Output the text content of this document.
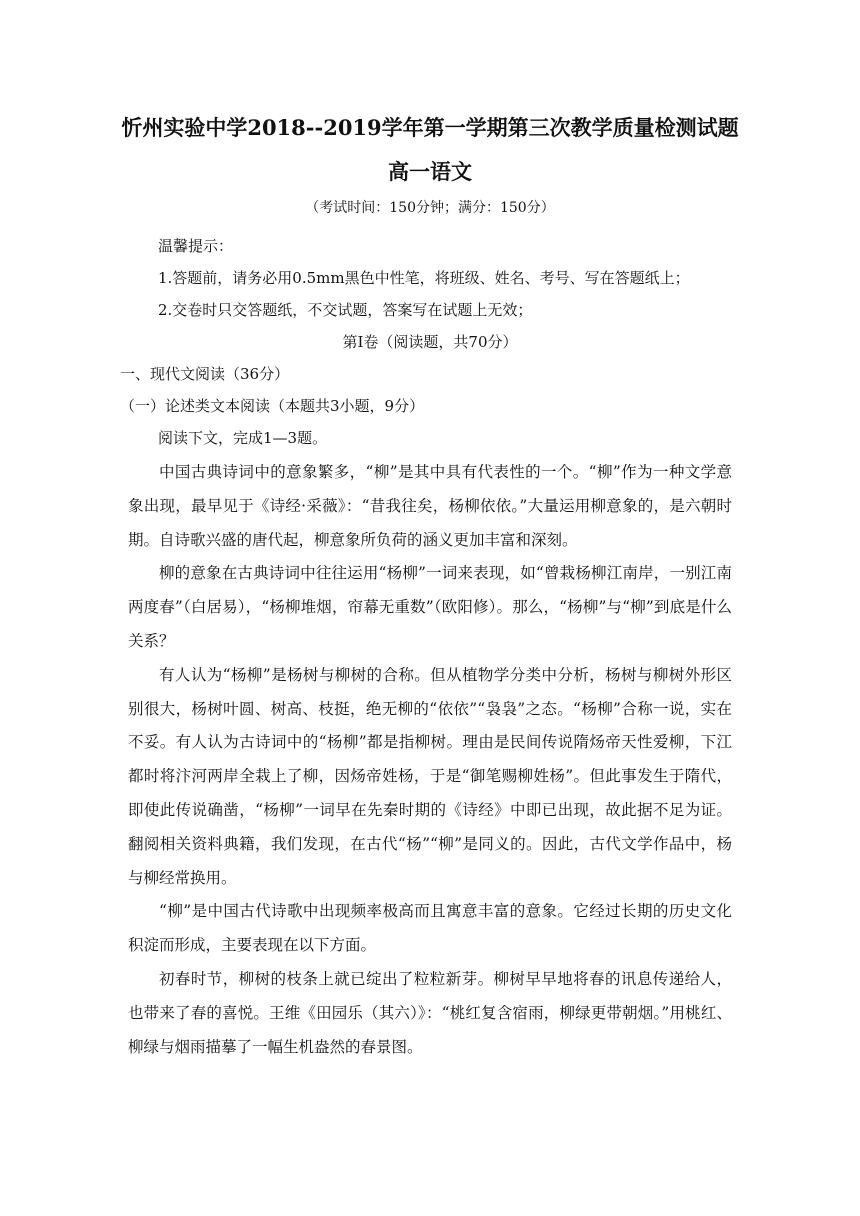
忻州实验中学2018--2019学年第一学期第三次教学质量检测试题
高一语文
（考试时间：150分钟；满分：150分）

温馨提示：

1.答题前，请务必用0.5mm黑色中性笔，将班级、姓名、考号、写在答题纸上；

2.交卷时只交答题纸，不交试题，答案写在试题上无效；

第Ⅰ卷（阅读题，共70分）

一、现代文阅读（36分）

（一）论述类文本阅读（本题共3小题，9分）

阅读下文，完成1—3题。

中国古典诗词中的意象繁多，“柳”是其中具有代表性的一个。“柳”作为一种文学意象出现，最早见于《诗经·采薇》：“昔我往矣，杨柳依依。”大量运用柳意象的，是六朝时期。自诗歌兴盛的唐代起，柳意象所负荷的涵义更加丰富和深刻。

柳的意象在古典诗词中往往运用“杨柳”一词来表现，如“曾栽杨柳江南岸，一别江南两度春”（白居易），“杨柳堆烟，帘幕无重数”（欧阳修）。那么，“杨柳”与“柳”到底是什么关系？

有人认为“杨柳”是杨树与柳树的合称。但从植物学分类中分析，杨树与柳树外形区别很大，杨树叶圆、树高、枝挺，绝无柳的“依依”“袅袅”之态。“杨柳”合称一说，实在不妥。有人认为古诗词中的“杨柳”都是指柳树。理由是民间传说隋炀帝天性爱柳，下江都时将汴河两岸全栽上了柳，因炀帝姓杨，于是“御笔赐柳姓杨”。但此事发生于隋代，即使此传说确凿，“杨柳”一词早在先秦时期的《诗经》中即已出现，故此据不足为证。翻阅相关资料典籍，我们发现，在古代“杨”“柳”是同义的。因此，古代文学作品中，杨与柳经常换用。

“柳”是中国古代诗歌中出现频率极高而且寓意丰富的意象。它经过长期的历史文化积淀而形成，主要表现在以下方面。

初春时节，柳树的枝条上就已绽出了粒粒新芽。柳树早早地将春的讯息传递给人，也带来了春的喜悦。王维《田园乐（其六）》：“桃红复含宿雨，柳绿更带朝烟。”用桃红、柳绿与烟雨描摹了一幅生机盎然的春景图。
